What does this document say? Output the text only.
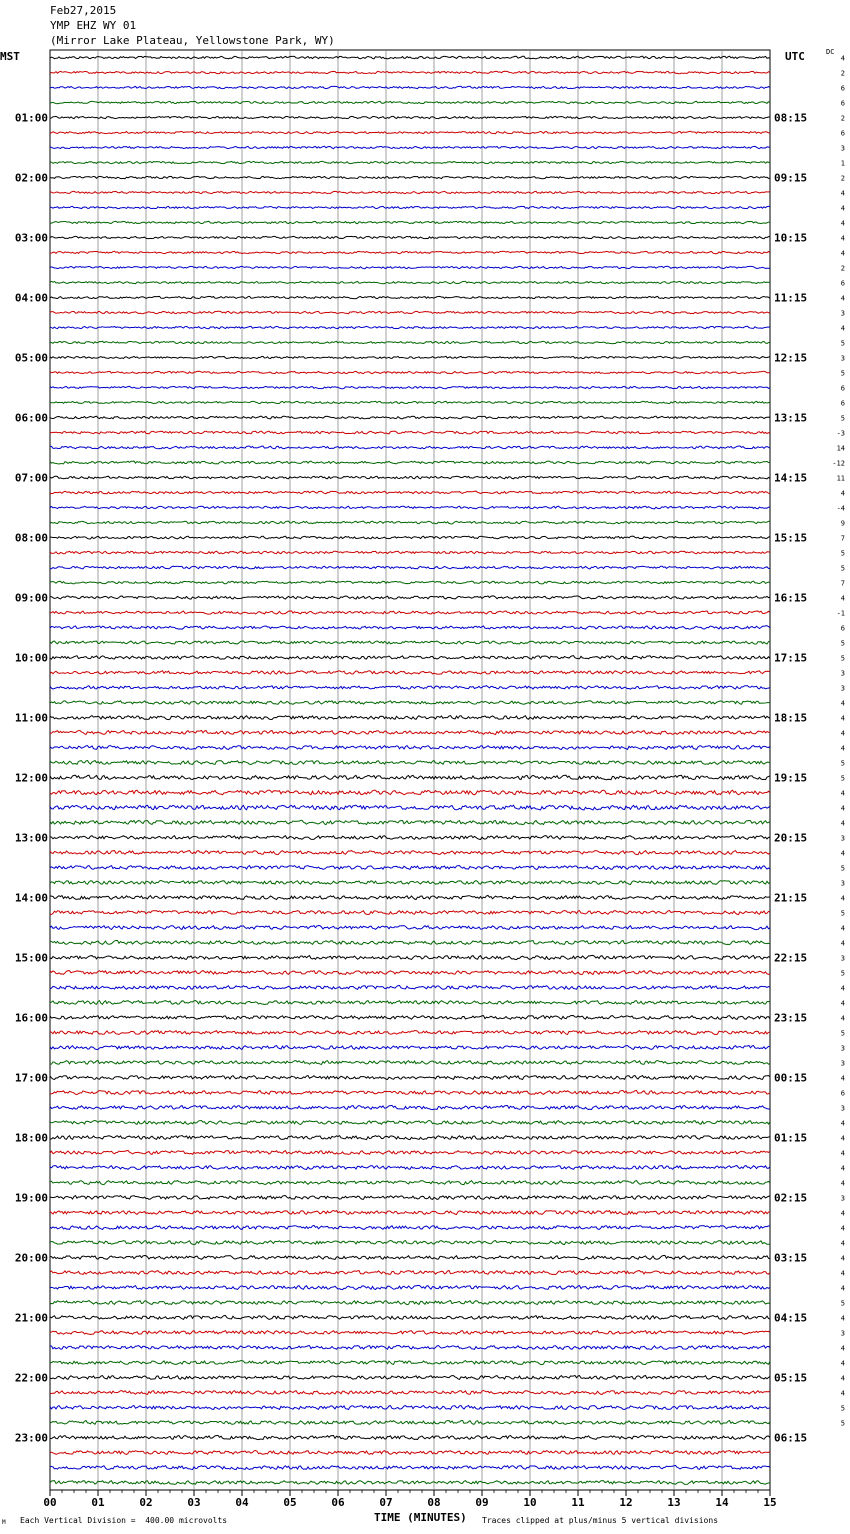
Feb27,2015
YMP EHZ WY 01
(Mirror Lake Plateau, Yellowstone Park, WY)
MST	UTC	DC
00	01	02	03	04	05	06	07	08	09	10	11	12	13	14	15
4
2
6
6
2
6
3
1
2
4
4
4
4
4
2
6
4
3
4
5
3
5
6
6
5
-3
14
-12
11
4
-4
9
7
5
5
7
4
-1
6
5
5
3
3
4
4
4
4
5
5
4
4
4
3
4
5
3
4
5
4
4
3
5
4
4
4
5
3
3
4
6
3
4
4
4
4
4
3
4
4
4
4
4
4
5
4
3
4
4
4
4
5
5
01:00
02:00
03:00
04:00
05:00
06:00
07:00
08:00
09:00
10:00
11:00
12:00
13:00
14:00
15:00
16:00
17:00
18:00
19:00
20:00
21:00
22:00
23:00
08:15
09:15
10:15
11:15
12:15
13:15
14:15
15:15
16:15
17:15
18:15
19:15
20:15
21:15
22:15
23:15
00:15
01:15
02:15
03:15
04:15
05:15
06:15
TIME (MINUTES)
Each Vertical Division =  400.00 microvolts	Traces clipped at plus/minus 5 vertical divisions
M
